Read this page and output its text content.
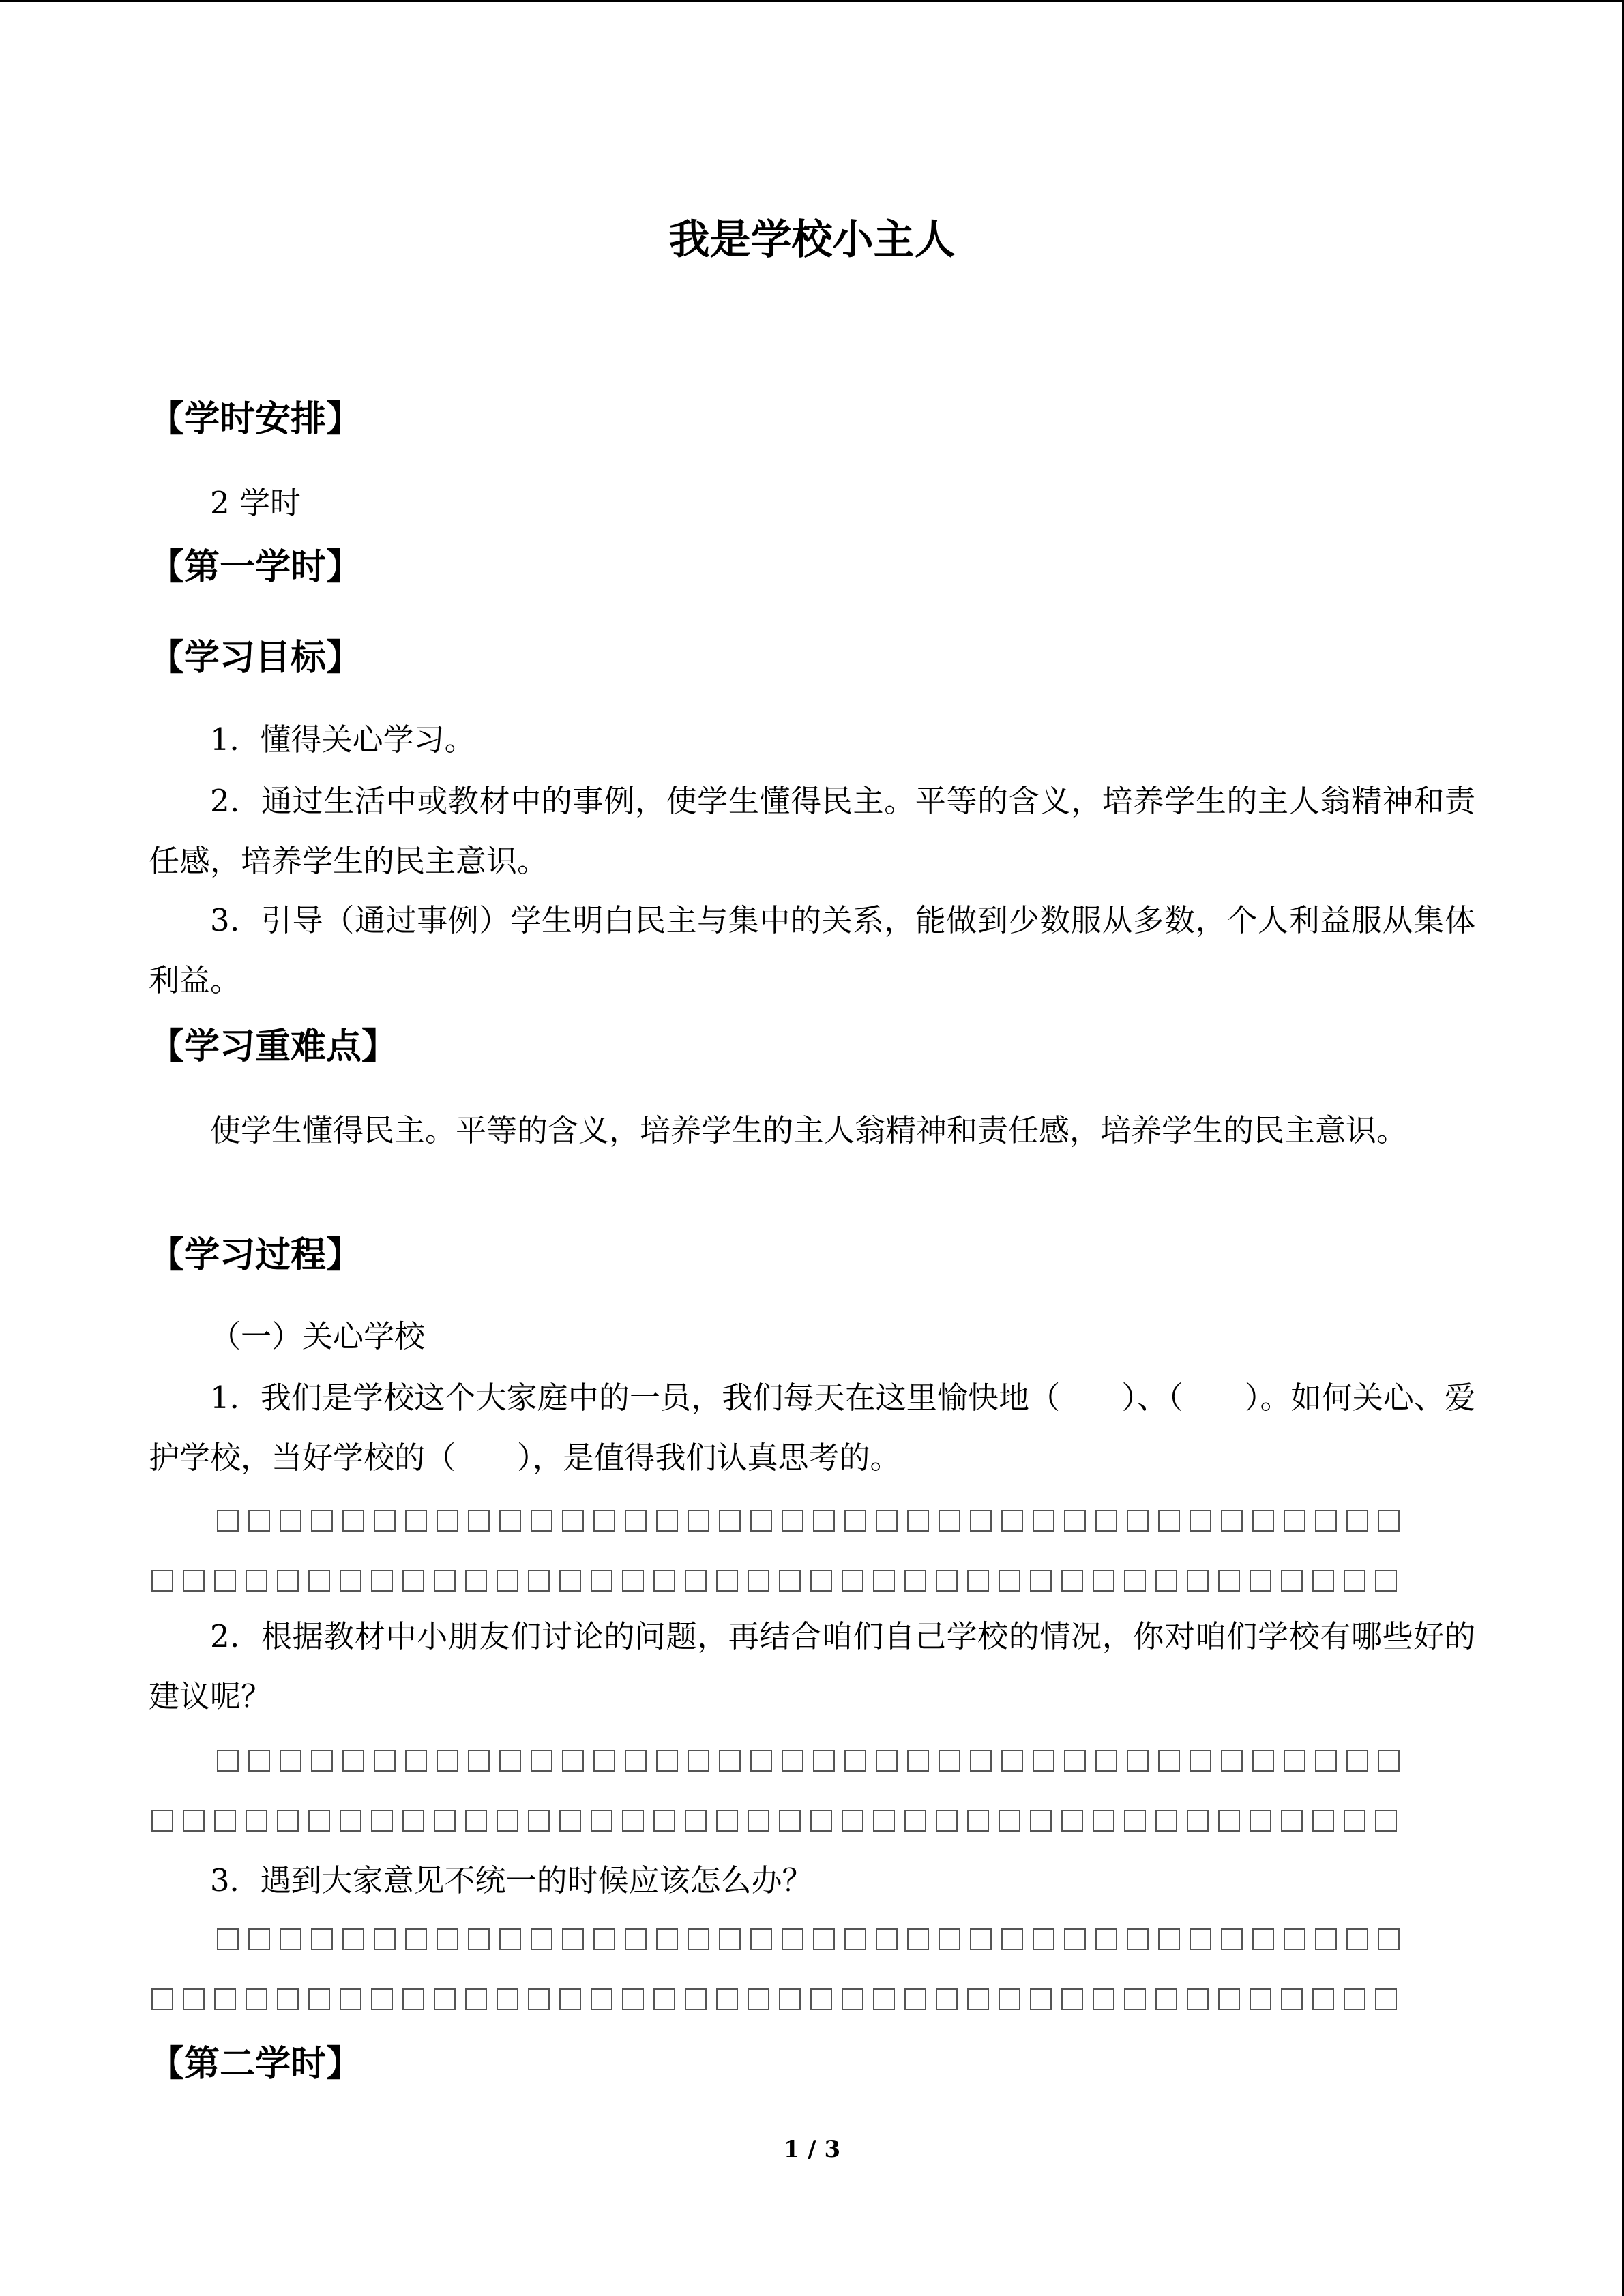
我是学校小主人
【学时安排】
2 学时
【第一学时】
【学习目标】
1．懂得关心学习。
2．通过生活中或教材中的事例，使学生懂得民主。平等的含义，培养学生的主人翁精神和责任感，培养学生的民主意识。
3．引导（通过事例）学生明白民主与集中的关系，能做到少数服从多数，个人利益服从集体利益。
【学习重难点】
使学生懂得民主。平等的含义，培养学生的主人翁精神和责任感，培养学生的民主意识。
【学习过程】
（一）关心学校
1．我们是学校这个大家庭中的一员，我们每天在这里愉快地（　　）、（　　）。如何关心、爱护学校，当好学校的（　　），是值得我们认真思考的。
2．根据教材中小朋友们讨论的问题，再结合咱们自己学校的情况，你对咱们学校有哪些好的建议呢？
3．遇到大家意见不统一的时候应该怎么办？
【第二学时】
1 / 3
